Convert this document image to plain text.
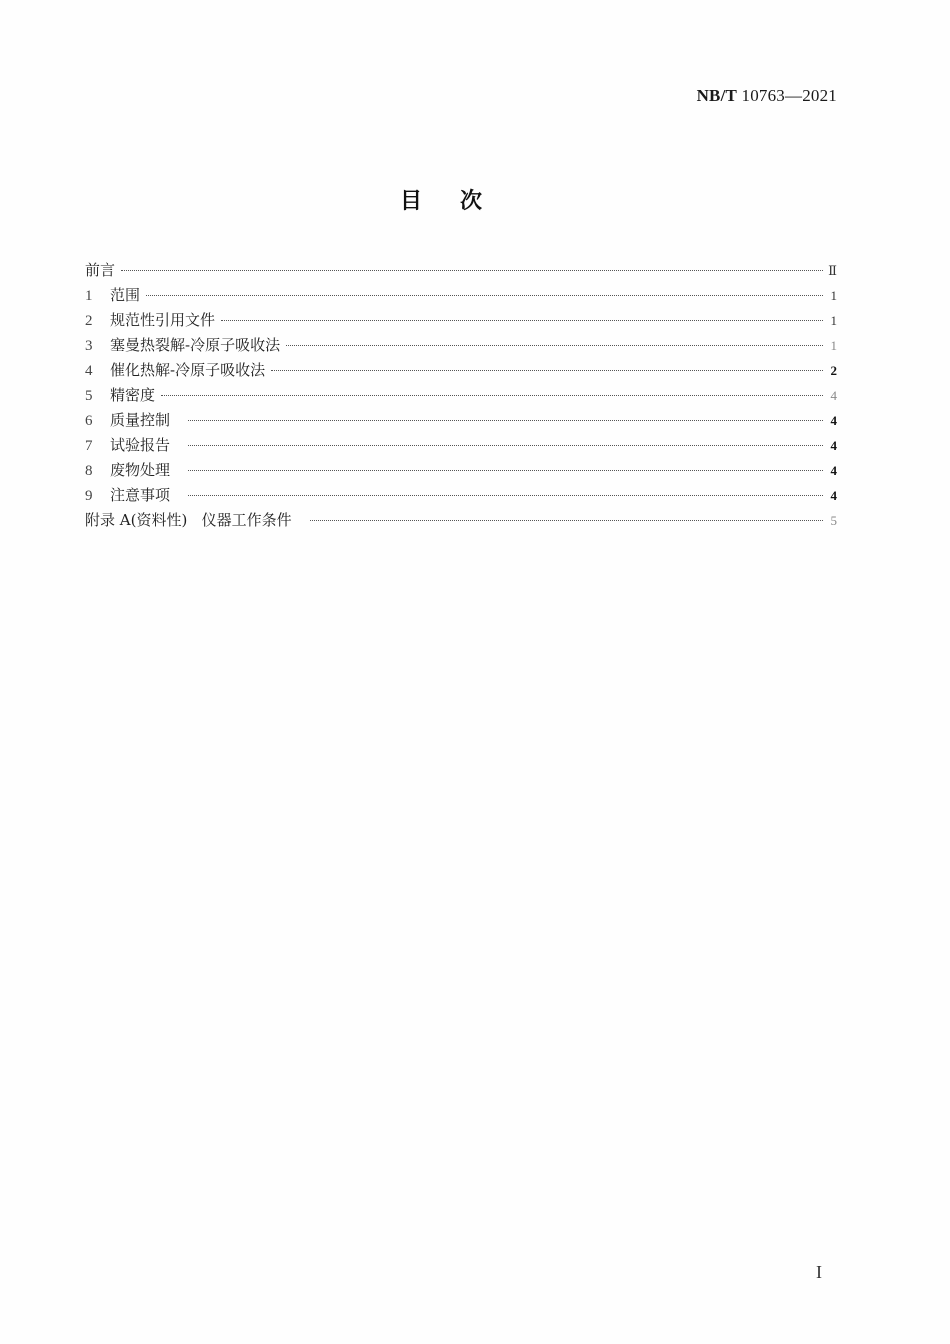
NB/T 10763—2021
目次
前言	Ⅱ
1	范围	1
2	规范性引用文件	1
3	塞曼热裂解-冷原子吸收法	1
4	催化热解-冷原子吸收法	2
5	精密度	4
6	质量控制	4
7	试验报告	4
8	废物处理	4
9	注意事项	4
附录 A(资料性)   仪器工作条件	5
I
